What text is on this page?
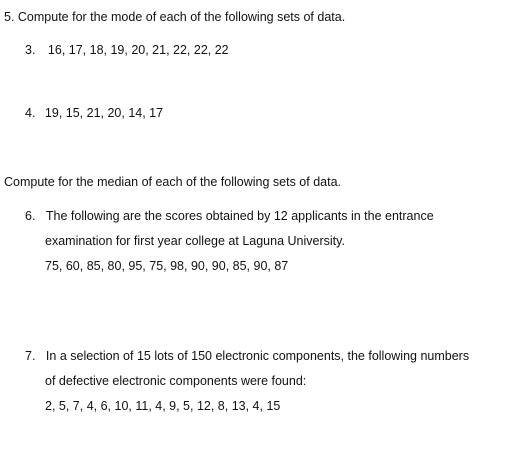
5. Compute for the mode of each of the following sets of data.
3. 16, 17, 18, 19, 20, 21, 22, 22, 22
4. 19, 15, 21, 20, 14, 17
Compute for the median of each of the following sets of data.
6. The following are the scores obtained by 12 applicants in the entrance
examination for first year college at Laguna University.
75, 60, 85, 80, 95, 75, 98, 90, 90, 85, 90, 87
7. In a selection of 15 lots of 150 electronic components, the following numbers
of defective electronic components were found:
2, 5, 7, 4, 6, 10, 11, 4, 9, 5, 12, 8, 13, 4, 15
